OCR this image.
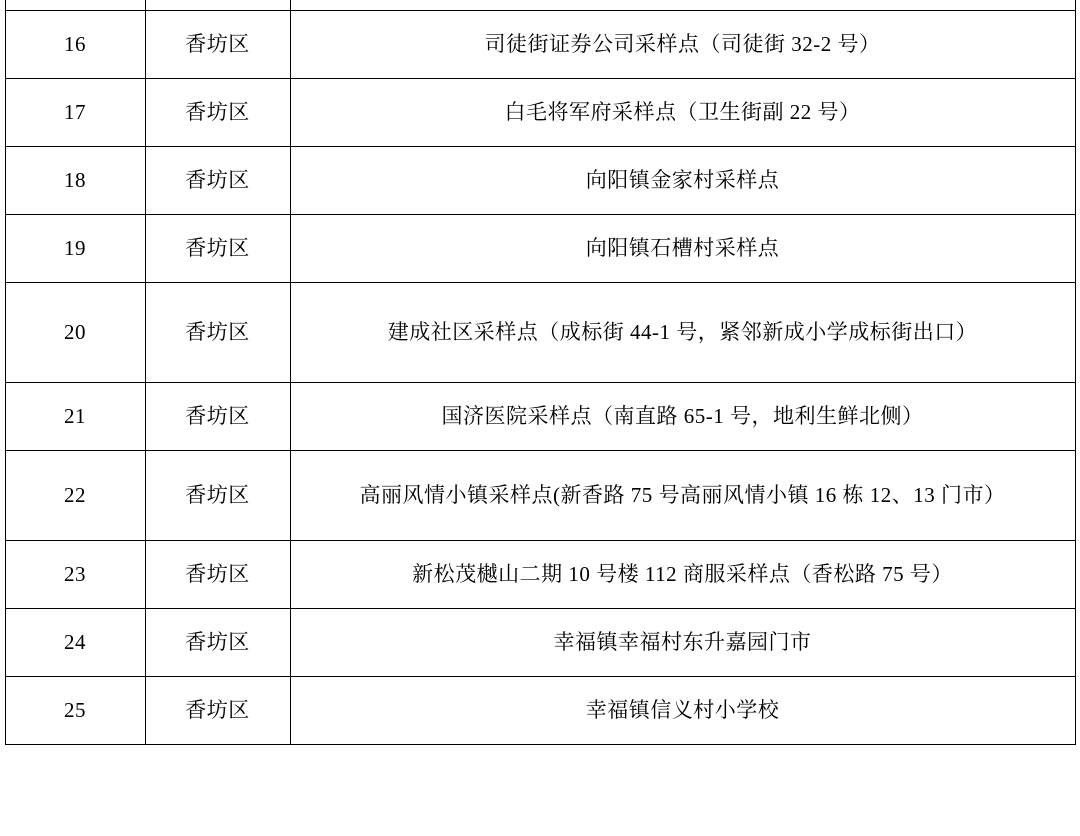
16	香坊区	司徒街证券公司采样点（司徒街 32-2 号）
17	香坊区	白毛将军府采样点（卫生街副 22 号）
18	香坊区	向阳镇金家村采样点
19	香坊区	向阳镇石槽村采样点
20	香坊区	建成社区采样点（成标街 44-1 号，紧邻新成小学成标街出口）
21	香坊区	国济医院采样点（南直路 65-1 号，地利生鲜北侧）
22	香坊区	高丽风情小镇采样点(新香路 75 号高丽风情小镇 16 栋 12、13 门市）
23	香坊区	新松茂樾山二期 10 号楼 112 商服采样点（香松路 75 号）
24	香坊区	幸福镇幸福村东升嘉园门市
25	香坊区	幸福镇信义村小学校
